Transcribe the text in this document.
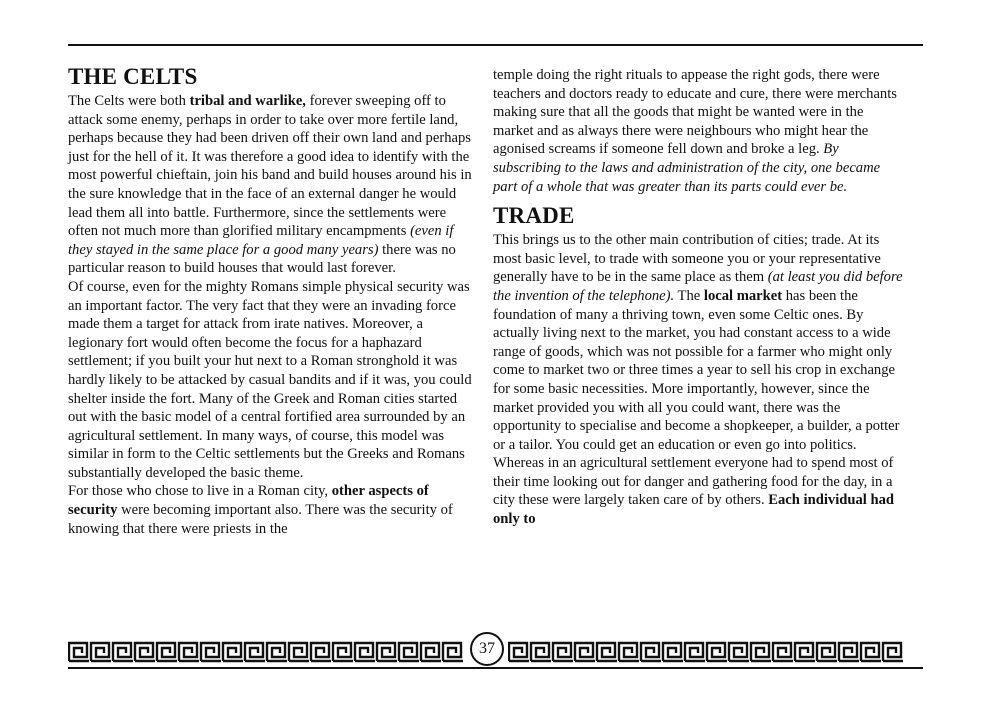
THE CELTS

The Celts were both tribal and warlike, forever sweeping off to attack some enemy, perhaps in order to take over more fertile land, perhaps because they had been driven off their own land and perhaps just for the hell of it. It was therefore a good idea to identify with the most powerful chieftain, join his band and build houses around his in the sure knowledge that in the face of an external danger he would lead them all into battle. Furthermore, since the settlements were often not much more than glorified military encampments (even if they stayed in the same place for a good many years) there was no particular reason to build houses that would last forever.

Of course, even for the mighty Romans simple physical security was an important factor. The very fact that they were an invading force made them a target for attack from irate natives. Moreover, a legionary fort would often become the focus for a haphazard settlement; if you built your hut next to a Roman stronghold it was hardly likely to be attacked by casual bandits and if it was, you could shelter inside the fort. Many of the Greek and Roman cities started out with the basic model of a central fortified area surrounded by an agricultural settlement. In many ways, of course, this model was similar in form to the Celtic settlements but the Greeks and Romans substantially developed the basic theme.

For those who chose to live in a Roman city, other aspects of security were becoming important also. There was the security of knowing that there were priests in the

temple doing the right rituals to appease the right gods, there were teachers and doctors ready to educate and cure, there were merchants making sure that all the goods that might be wanted were in the market and as always there were neighbours who might hear the agonised screams if someone fell down and broke a leg. By subscribing to the laws and administration of the city, one became part of a whole that was greater than its parts could ever be.

TRADE

This brings us to the other main contribution of cities; trade. At its most basic level, to trade with someone you or your representative generally have to be in the same place as them (at least you did before the invention of the telephone). The local market has been the foundation of many a thriving town, even some Celtic ones. By actually living next to the market, you had constant access to a wide range of goods, which was not possible for a farmer who might only come to market two or three times a year to sell his crop in exchange for some basic necessities. More importantly, however, since the market provided you with all you could want, there was the opportunity to specialise and become a shopkeeper, a builder, a potter or a tailor. You could get an education or even go into politics.

Whereas in an agricultural settlement everyone had to spend most of their time looking out for danger and gathering food for the day, in a city these were largely taken care of by others. Each individual had only to

37
